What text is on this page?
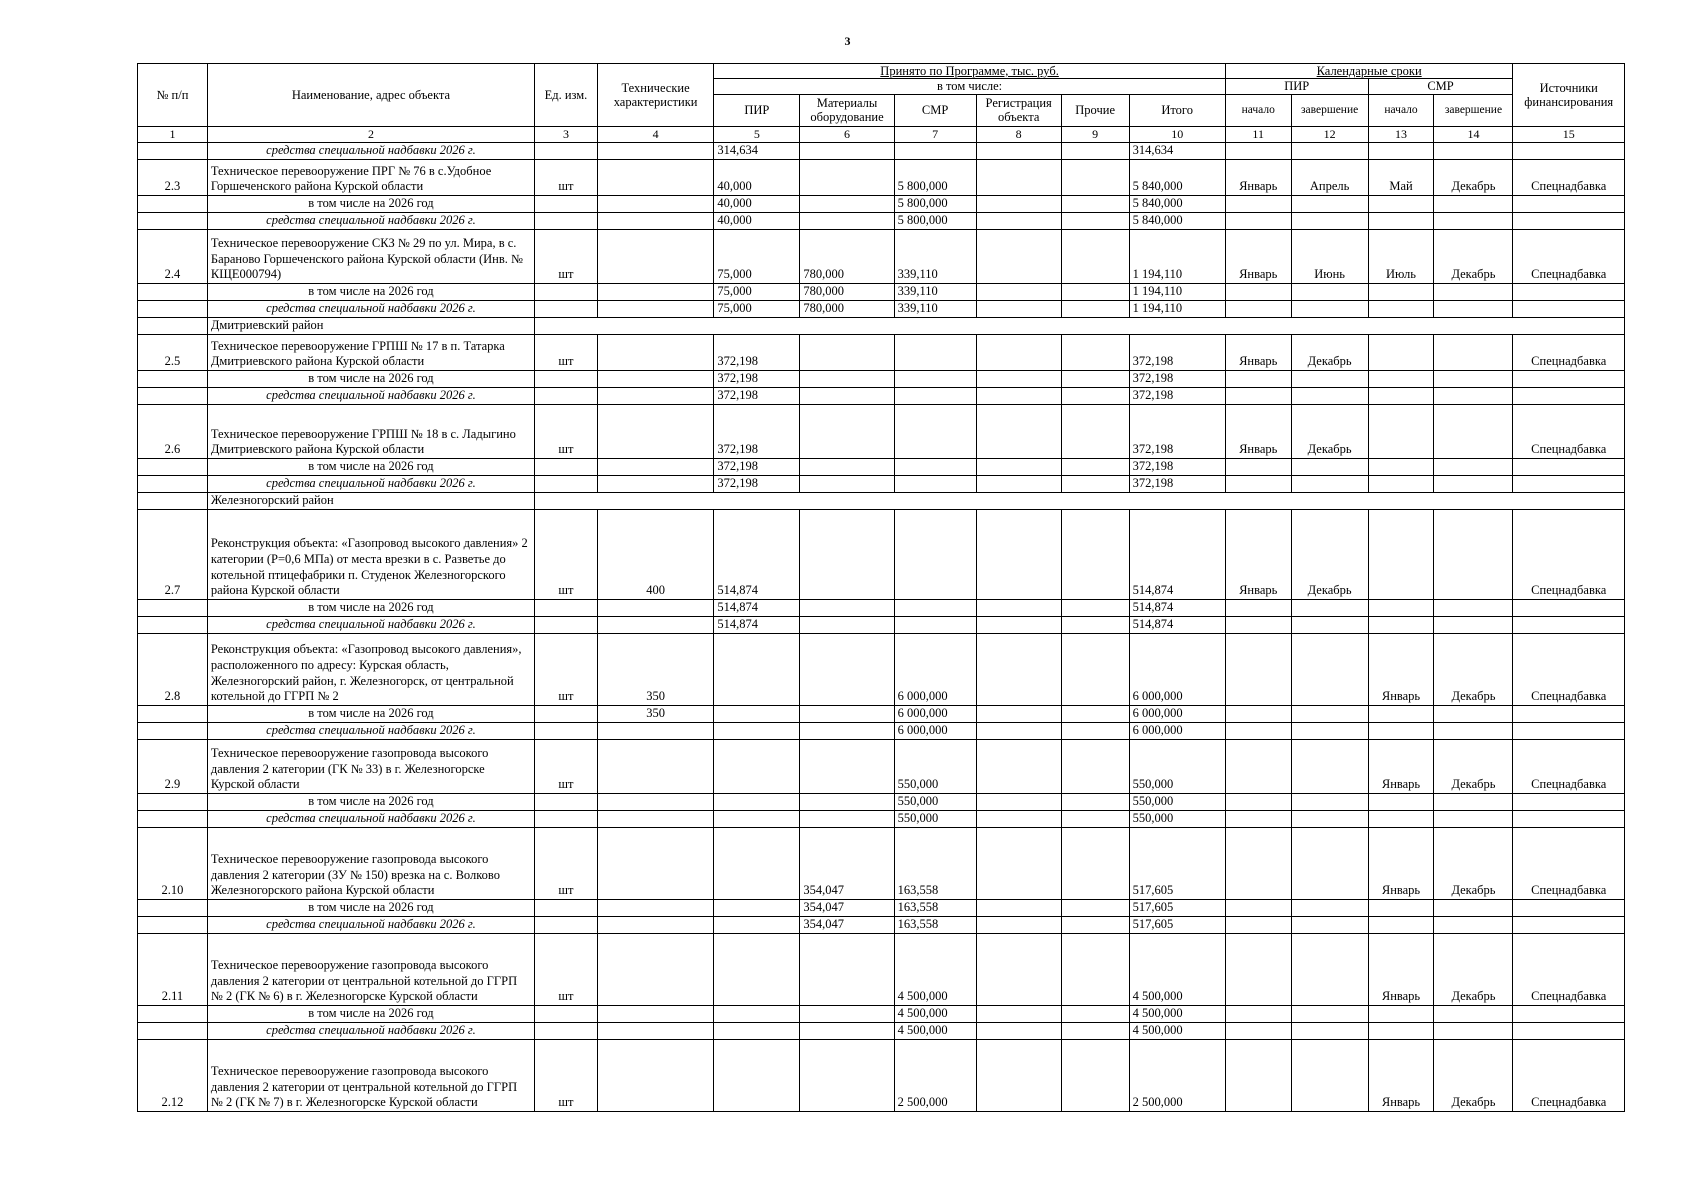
3
№ п/п	Наименование, адрес объекта	Ед. изм.	Технические характеристики	Принято по Программе, тыс. руб.						Календарные сроки				Источники финансирования
				в том числе:						ПИР		СМР		
				ПИР	Материалы оборудование	СМР	Регистрация объекта	Прочие	Итого	начало	завершение	начало	завершение	
1	2	3	4	5	6	7	8	9	10	11	12	13	14	15
	средства специальной надбавки 2026 г.			314,634					314,634					
2.3	Техническое перевооружение ПРГ № 76 в с.Удобное Горшеченского района Курской области	шт		40,000		5 800,000			5 840,000	Январь	Апрель	Май	Декабрь	Спецнадбавка
	в том числе на 2026 год			40,000		5 800,000			5 840,000					
	средства специальной надбавки 2026 г.			40,000		5 800,000			5 840,000					
2.4	Техническое перевооружение СКЗ № 29 по ул. Мира, в с. Бараново Горшеченского района Курской области (Инв. № КЩЕ000794)	шт		75,000	780,000	339,110			1 194,110	Январь	Июнь	Июль	Декабрь	Спецнадбавка
	в том числе на 2026 год			75,000	780,000	339,110			1 194,110					
	средства специальной надбавки 2026 г.			75,000	780,000	339,110			1 194,110					
	Дмитриевский район													
2.5	Техническое перевооружение ГРПШ № 17 в п. Татарка Дмитриевского района Курской области	шт		372,198					372,198	Январь	Декабрь			Спецнадбавка
	в том числе на 2026 год			372,198					372,198					
	средства специальной надбавки 2026 г.			372,198					372,198					
2.6	Техническое перевооружение ГРПШ № 18 в с. Ладыгино Дмитриевского района Курской области	шт		372,198					372,198	Январь	Декабрь			Спецнадбавка
	в том числе на 2026 год			372,198					372,198					
	средства специальной надбавки 2026 г.			372,198					372,198					
	Железногорский район													
2.7	Реконструкция объекта: «Газопровод высокого давления» 2 категории (Р=0,6 МПа) от места врезки в с. Разветье до котельной птицефабрики п. Студенок Железногорского района Курской области	шт	400	514,874					514,874	Январь	Декабрь			Спецнадбавка
	в том числе на 2026 год			514,874					514,874					
	средства специальной надбавки 2026 г.			514,874					514,874					
2.8	Реконструкция объекта: «Газопровод высокого давления», расположенного по адресу: Курская область, Железногорский район, г. Железногорск, от центральной котельной до ГГРП № 2	шт	350			6 000,000			6 000,000			Январь	Декабрь	Спецнадбавка
	в том числе на 2026 год		350			6 000,000			6 000,000					
	средства специальной надбавки 2026 г.					6 000,000			6 000,000					
2.9	Техническое перевооружение газопровода высокого давления 2 категории (ГК № 33) в г. Железногорске Курской области	шт				550,000			550,000			Январь	Декабрь	Спецнадбавка
	в том числе на 2026 год					550,000			550,000					
	средства специальной надбавки 2026 г.					550,000			550,000					
2.10	Техническое перевооружение газопровода высокого давления 2 категории (ЗУ № 150) врезка на с. Волково Железногорского района Курской области	шт			354,047	163,558			517,605			Январь	Декабрь	Спецнадбавка
	в том числе на 2026 год				354,047	163,558			517,605					
	средства специальной надбавки 2026 г.				354,047	163,558			517,605					
2.11	Техническое перевооружение газопровода высокого давления 2 категории от центральной котельной до ГГРП № 2 (ГК № 6) в г. Железногорске Курской области	шт				4 500,000			4 500,000			Январь	Декабрь	Спецнадбавка
	в том числе на 2026 год					4 500,000			4 500,000					
	средства специальной надбавки 2026 г.					4 500,000			4 500,000					
2.12	Техническое перевооружение газопровода высокого давления 2 категории от центральной котельной до ГГРП № 2 (ГК № 7) в г. Железногорске Курской области	шт				2 500,000			2 500,000			Январь	Декабрь	Спецнадбавка
